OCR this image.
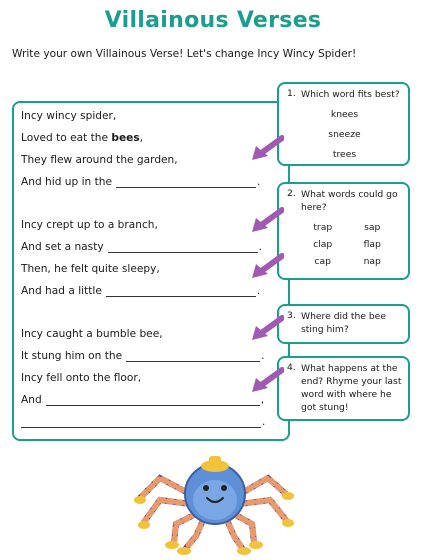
Villainous Verses
Write your own Villainous Verse! Let's change Incy Wincy Spider!
Incy wincy spider,
Loved to eat the bees ,
They flew around the garden,
And hid up in the	.
Incy crept up to a branch,
And set a nasty	.
Then, he felt quite sleepy,
And had a little	.
Incy caught a bumble bee,
It stung him on the	.
Incy fell onto the floor,
And	,
.
1. Which word fits best?
knees
sneeze
trees
2. What words could go here?
trap	sap
clap	flap
cap	nap
3. Where did the bee sting him?
4. What happens at the end? Rhyme your last word with where he got stung!
